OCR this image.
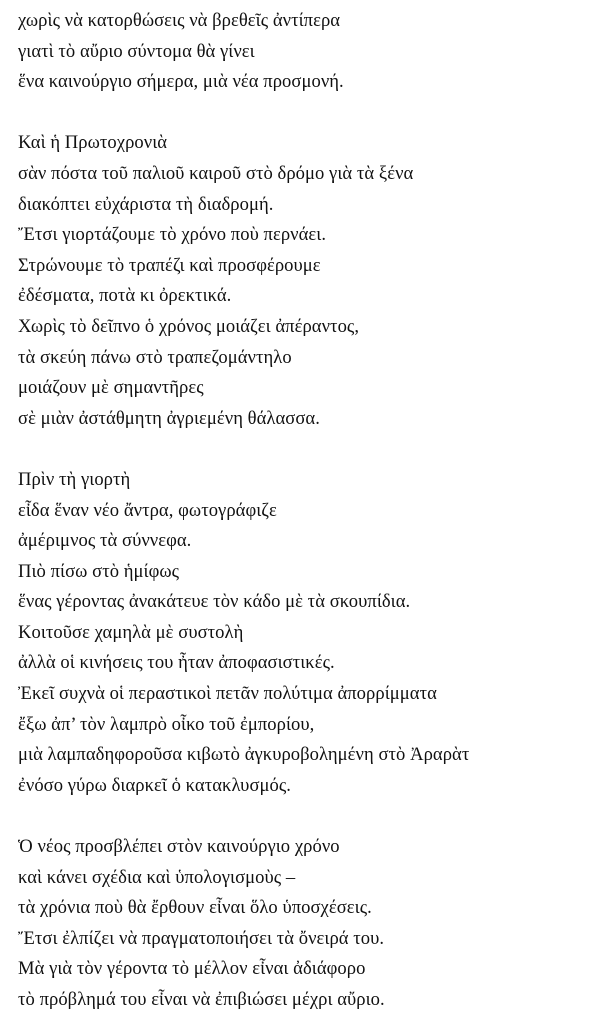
χωρὶς νὰ κατορθώσεις νὰ βρεθεῖς ἀντίπερα
γιατὶ τὸ αὔριο σύντομα θὰ γίνει
ἕνα καινούργιο σήμερα, μιὰ νέα προσμονή.
Καὶ ἡ Πρωτοχρονιὰ
σὰν πόστα τοῦ παλιοῦ καιροῦ στὸ δρόμο γιὰ τὰ ξένα
διακόπτει εὐχάριστα τὴ διαδρομή.
Ἔτσι γιορτάζουμε τὸ χρόνο ποὺ περνάει.
Στρώνουμε τὸ τραπέζι καὶ προσφέρουμε
ἐδέσματα, ποτὰ κι ὀρεκτικά.
Χωρὶς τὸ δεῖπνο ὁ χρόνος μοιάζει ἀπέραντος,
τὰ σκεύη πάνω στὸ τραπεζομάντηλο
μοιάζουν μὲ σημαντῆρες
σὲ μιὰν ἀστάθμητη ἀγριεμένη θάλασσα.
Πρὶν τὴ γιορτὴ
εἶδα ἕναν νέο ἄντρα, φωτογράφιζε
ἀμέριμνος τὰ σύννεφα.
Πιὸ πίσω στὸ ἡμίφως
ἕνας γέροντας ἀνακάτευε τὸν κάδο μὲ τὰ σκουπίδια.
Κοιτοῦσε χαμηλὰ μὲ συστολὴ
ἀλλὰ οἱ κινήσεις του ἦταν ἀποφασιστικές.
Ἐκεῖ συχνὰ οἱ περαστικοὶ πετᾶν πολύτιμα ἀπορρίμματα
ἔξω ἀπ’ τὸν λαμπρὸ οἶκο τοῦ ἐμπορίου,
μιὰ λαμπαδηφοροῦσα κιβωτὸ ἀγκυροβολημένη στὸ Ἀραρὰτ
ἐνόσο γύρω διαρκεῖ ὁ κατακλυσμός.
Ὁ νέος προσβλέπει στὸν καινούργιο χρόνο
καὶ κάνει σχέδια καὶ ὑπολογισμοὺς –
τὰ χρόνια ποὺ θὰ ἔρθουν εἶναι ὅλο ὑποσχέσεις.
Ἔτσι ἐλπίζει νὰ πραγματοποιήσει τὰ ὄνειρά του.
Μὰ γιὰ τὸν γέροντα τὸ μέλλον εἶναι ἀδιάφορο
τὸ πρόβλημά του εἶναι νὰ ἐπιβιώσει μέχρι αὔριο.
